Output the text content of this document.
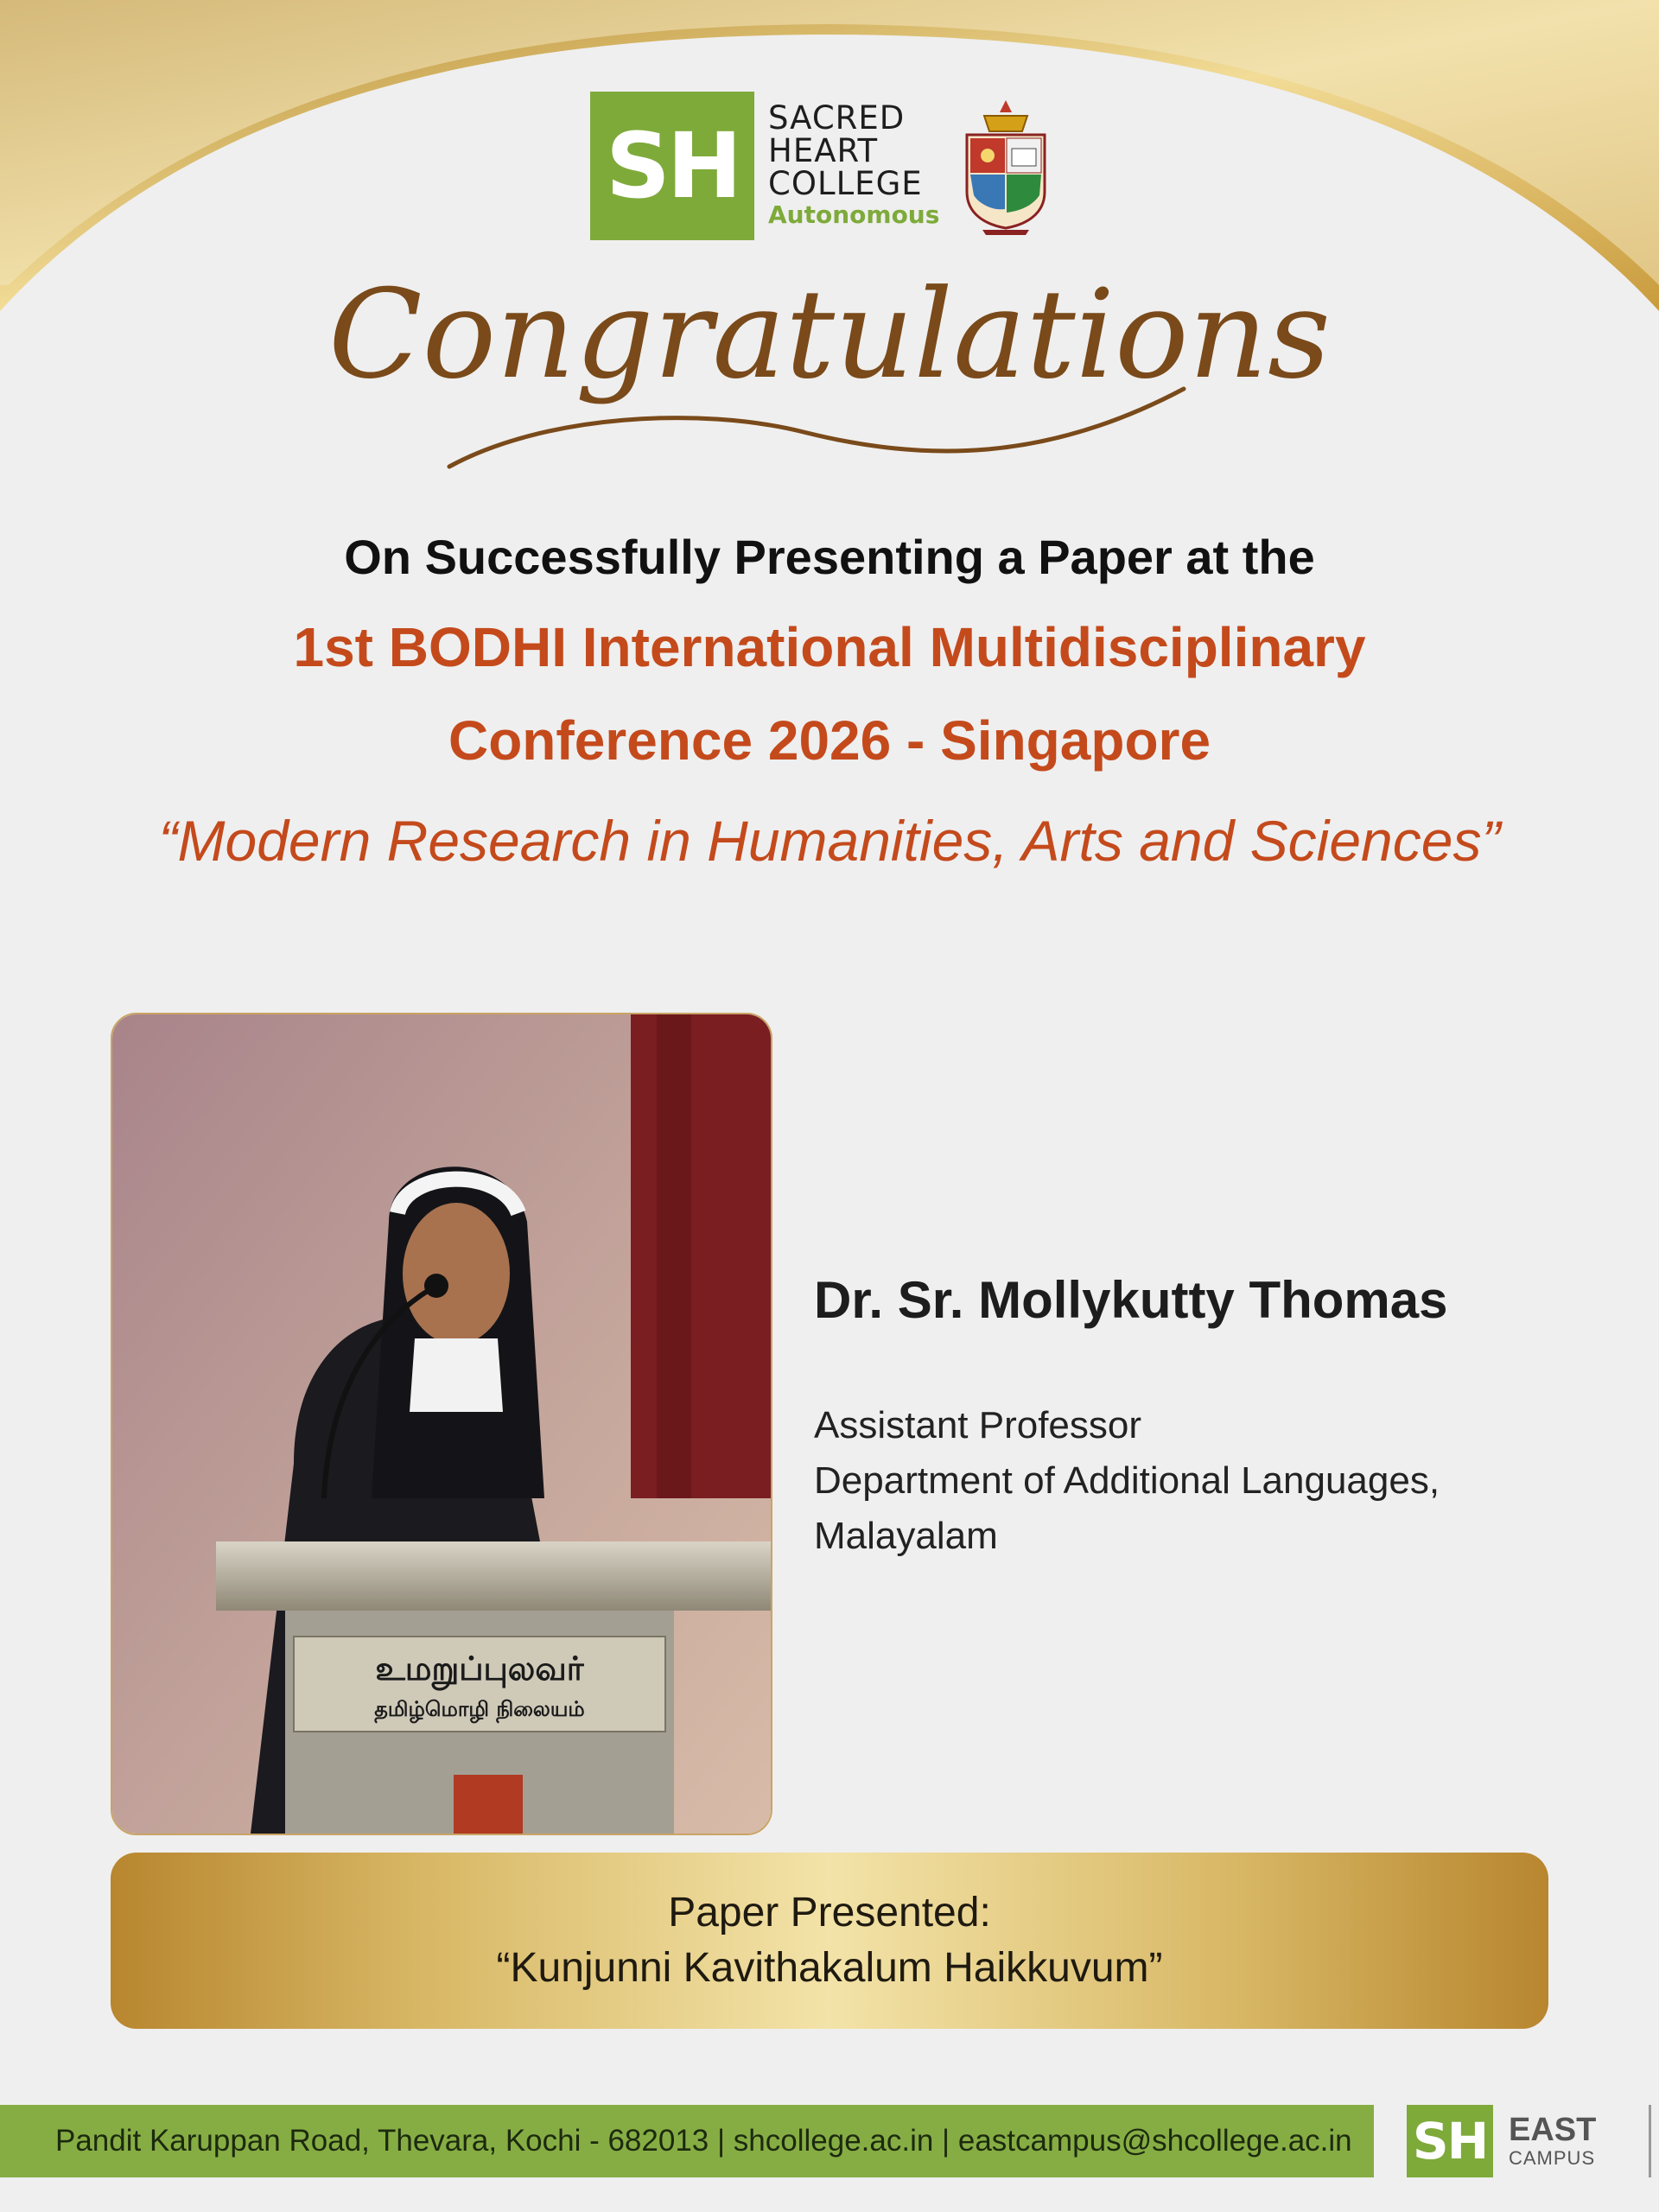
SH SACRED
HEART
COLLEGE
Autonomous
Congratulations
On Successfully Presenting a Paper at the
1st BODHI International Multidisciplinary
Conference 2026 - Singapore
“Modern Research in Humanities, Arts and Sciences”
உமறுப்புலவர்
தமிழ்மொழி நிலையம்
Dr. Sr. Mollykutty Thomas
Assistant Professor
Department of Additional Languages,
Malayalam
Paper Presented:
“Kunjunni Kavithakalum Haikkuvum”
Pandit Karuppan Road, Thevara, Kochi - 682013 | shcollege.ac.in | eastcampus@shcollege.ac.in SH EAST
CAMPUS
